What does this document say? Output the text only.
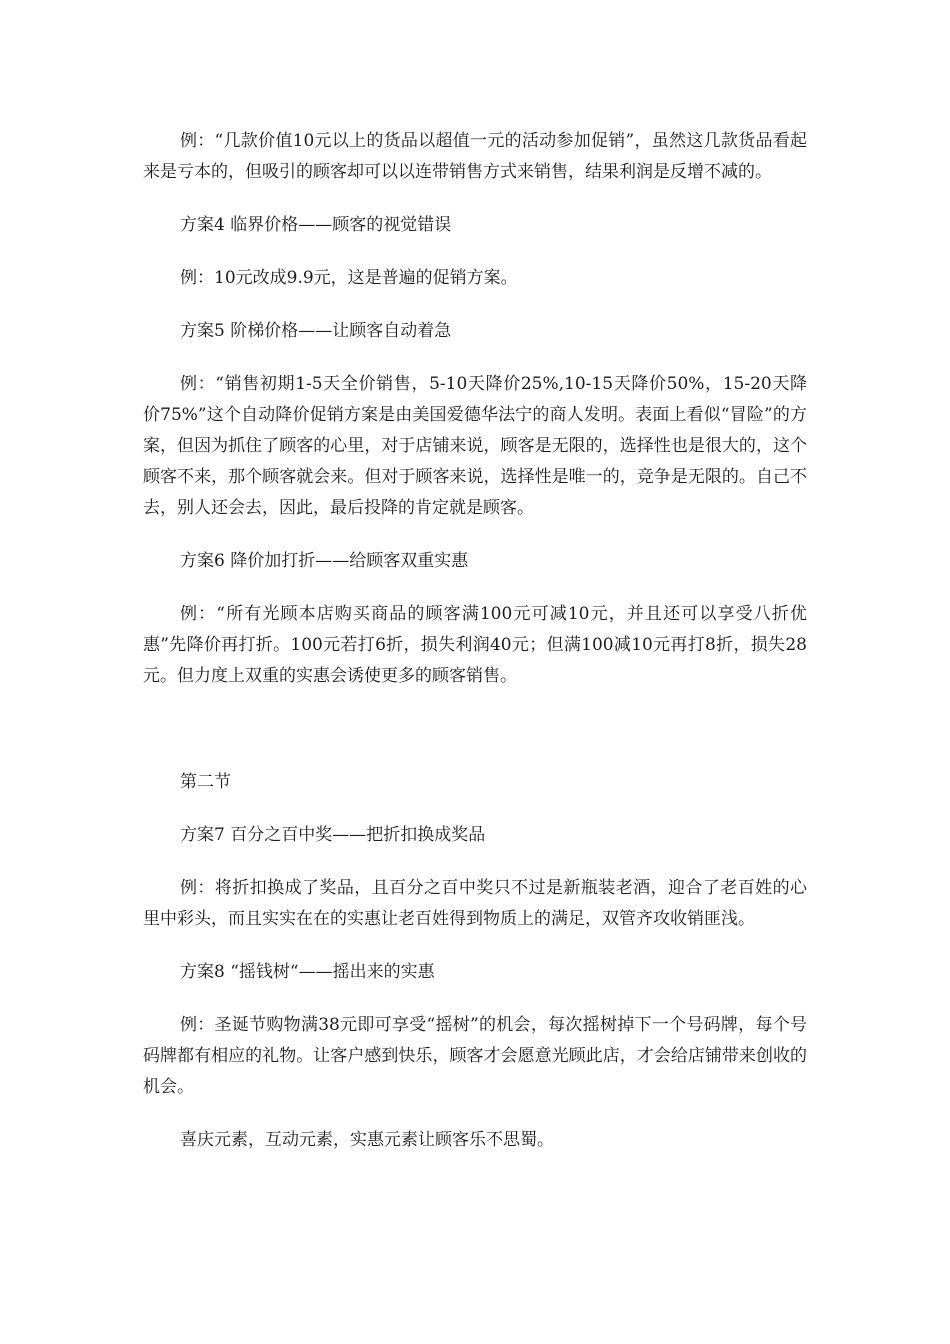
例：“几款价值10元以上的货品以超值一元的活动参加促销”，虽然这几款货品看起来是亏本的，但吸引的顾客却可以以连带销售方式来销售，结果利润是反增不减的。

方案4 临界价格——顾客的视觉错误

例：10元改成9.9元，这是普遍的促销方案。

方案5 阶梯价格——让顾客自动着急

例：“销售初期1-5天全价销售，5-10天降价25%,10-15天降价50%，15-20天降价75%”这个自动降价促销方案是由美国爱德华法宁的商人发明。表面上看似“冒险”的方案，但因为抓住了顾客的心里，对于店铺来说，顾客是无限的，选择性也是很大的，这个顾客不来，那个顾客就会来。但对于顾客来说，选择性是唯一的，竞争是无限的。自己不去，别人还会去，因此，最后投降的肯定就是顾客。

方案6 降价加打折——给顾客双重实惠

例：“所有光顾本店购买商品的顾客满100元可减10元，并且还可以享受八折优惠”先降价再打折。100元若打6折，损失利润40元；但满100减10元再打8折，损失28元。但力度上双重的实惠会诱使更多的顾客销售。

第二节

方案7 百分之百中奖——把折扣换成奖品

例：将折扣换成了奖品，且百分之百中奖只不过是新瓶装老酒，迎合了老百姓的心里中彩头，而且实实在在的实惠让老百姓得到物质上的满足，双管齐攻收销匪浅。

方案8 “摇钱树“——摇出来的实惠

例：圣诞节购物满38元即可享受“摇树”的机会，每次摇树掉下一个号码牌，每个号码牌都有相应的礼物。让客户感到快乐，顾客才会愿意光顾此店，才会给店铺带来创收的机会。

喜庆元素，互动元素，实惠元素让顾客乐不思蜀。
